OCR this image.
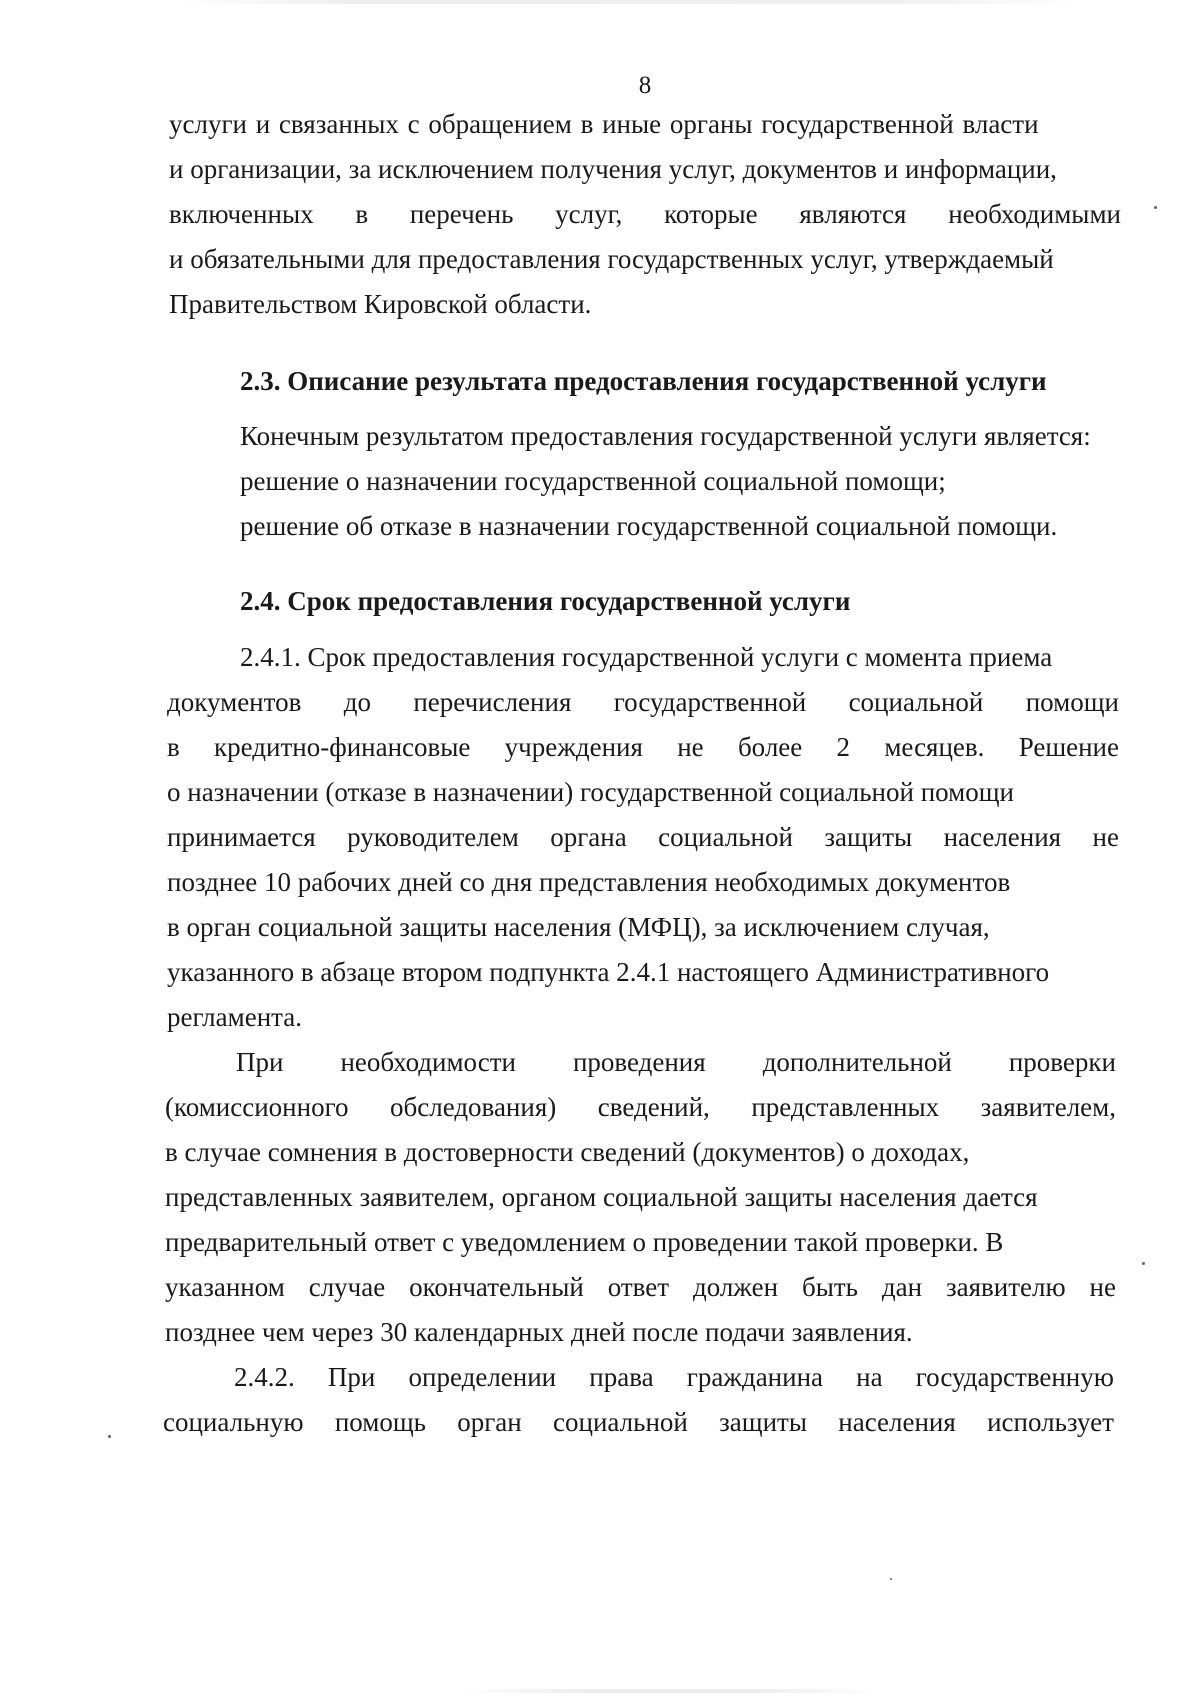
8
услуги и связанных с обращением в иные органы государственной власти
и организации, за исключением получения услуг, документов и информации,
включенных в перечень услуг, которые являются необходимыми
и обязательными для предоставления государственных услуг, утверждаемый
Правительством Кировской области.
2.3. Описание результата предоставления государственной услуги
Конечным результатом предоставления государственной услуги является:
решение о назначении государственной социальной помощи;
решение об отказе в назначении государственной социальной помощи.
2.4. Срок предоставления государственной услуги
2.4.1. Срок предоставления государственной услуги с момента приема
документов до перечисления государственной социальной помощи
в кредитно-финансовые учреждения не более 2 месяцев. Решение
о назначении (отказе в назначении) государственной социальной помощи
принимается руководителем органа социальной защиты населения не
позднее 10 рабочих дней со дня представления необходимых документов
в орган социальной защиты населения (МФЦ), за исключением случая,
указанного в абзаце втором подпункта 2.4.1 настоящего Административного
регламента.
При необходимости проведения дополнительной проверки
(комиссионного обследования) сведений, представленных заявителем,
в случае сомнения в достоверности сведений (документов) о доходах,
представленных заявителем, органом социальной защиты населения дается
предварительный ответ с уведомлением о проведении такой проверки. В
указанном случае окончательный ответ должен быть дан заявителю не
позднее чем через 30 календарных дней после подачи заявления.
2.4.2. При определении права гражданина на государственную
социальную помощь орган социальной защиты населения использует
